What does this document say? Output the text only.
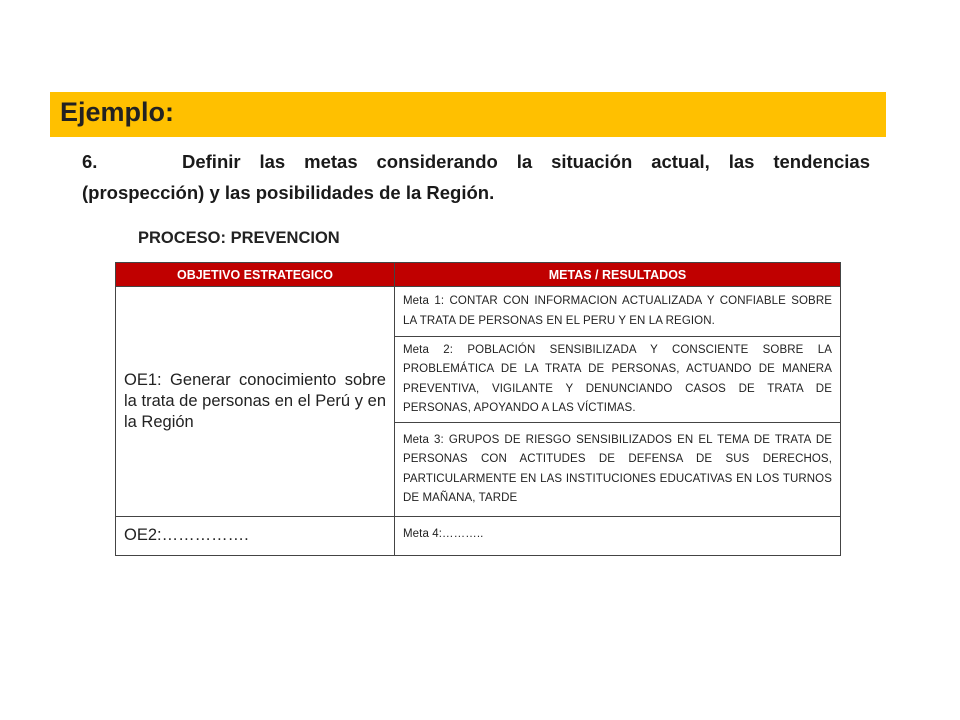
Ejemplo:
6.	Definir las metas considerando la situación actual, las tendencias (prospección) y las posibilidades de la Región.
PROCESO: PREVENCION
OBJETIVO ESTRATEGICO	METAS / RESULTADOS
OE1: Generar conocimiento sobre la trata de personas en el Perú y en la Región	Meta 1: CONTAR CON INFORMACION ACTUALIZADA Y CONFIABLE SOBRE LA TRATA DE PERSONAS EN EL PERU Y EN LA REGION.
	Meta 2: POBLACIÓN SENSIBILIZADA Y CONSCIENTE SOBRE LA PROBLEMÁTICA DE LA TRATA DE PERSONAS, ACTUANDO DE MANERA PREVENTIVA, VIGILANTE Y DENUNCIANDO CASOS DE TRATA DE PERSONAS, APOYANDO A LAS VÍCTIMAS.
	Meta 3: GRUPOS DE RIESGO SENSIBILIZADOS EN EL TEMA DE TRATA DE PERSONAS CON ACTITUDES DE DEFENSA DE SUS DERECHOS, PARTICULARMENTE EN LAS INSTITUCIONES EDUCATIVAS EN LOS TURNOS DE MAÑANA, TARDE
OE2:…………….	Meta 4:………..
